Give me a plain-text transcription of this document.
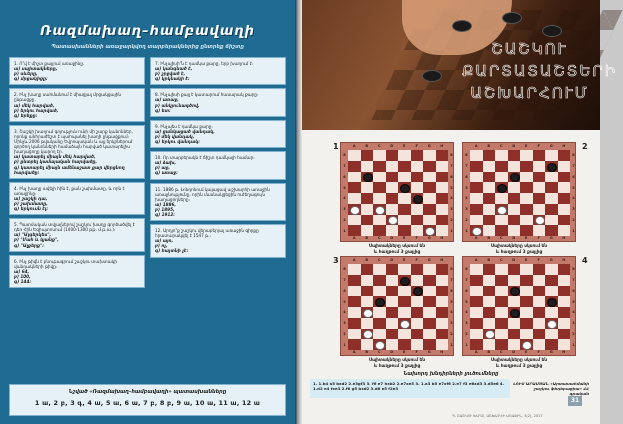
Ռազմախաղ–համբավաղի
Պատասխանների առաջարկվող տարբերակներից ընտրեք ճիշտը
1. Ո՞վ է միշտ քայլում առաջինը․
ա) սպիտակները,
բ) սևերը,
գ) մրցակիցը։
2. Ինչ խաղը սահմանում է միացյալ մրցակցային ընթացքը․
ա) մեկ հարված,
բ) երկու հարված,
գ) երեքը։
3. Շաշկի խաղում գոյություն ունի մի շարք կանոններ, որոնք անհրաժեշտ է պահպանել խաղի ընթացքում։ Մինչև 2006 թվականը Եվրոպական և այլ երկրներում գործող կանոնների համաձայն հարված կատարելիս խաղացողը կարող էր․
ա) կատարել միայն մեկ հարված,
բ) ընտրել կամայական հարվածը,
գ) կատարել միայն ամենաշատ քար վերցնող հարվածը։
4. Ինչ խաղը ավելի հին է, քան շախմատը, և որն է առաջինը։
ա) շաշկի դա,
բ) շախմատը,
գ) երկուսն էլ։
5. Պատմական տվյալներով շաշկու խաղը գործածվել է դեռ Հին Եգիպտոսում (1400-1300 թթ․ մ․թ․ա․)։
ա) "Ալգերկես",
բ) "Մահ և կյանք",
գ) "Ալքերք"։
6. Ինչ թիվն է բնութագրում շաշկու տախտակի վանդակների թիվը։
ա) 64,
բ) 100,
գ) 144։
7. Ինչպիսի՞ն է դամկա քարը, երբ խաղում է։
ա) կանգնած է,
բ) շրջված է,
գ) կրկնակի է։
8. Ինչպիսի քայլ է կատարում հասարակ քարը։
ա) առաջ,
բ) անկյունագծով,
գ) ետ։
9. Ինչպես է դամկա քարը։
ա) ցանկացած վանդակ,
բ) մեկ վանդակ,
գ) երկու վանդակ։
10. Որ տարբերակն է ճիշտ դամկայի համար։
ա) ձախ,
բ) աջ,
գ) առաջ։
11. 1886 թ․ Լոնդոնում կայացավ աշխարհի առաջին առաջնությունը, որին մասնակցեցին ուժեղագույն խաղացողները։
ա) 1886,
բ) 1895,
գ) 1912։
12. Արդյո՞ք շաշկու վերաբերյալ առաջին գիրքը հրատարակվել է 1547 թ․։
ա) այո,
բ) ոչ,
գ) հայտնի չէ։
Նշված «Ռազմախաղ–համբավաղի» պատասխանները
1 ա, 2 բ, 3 գ, 4 ա, 5 ա, 6 ա, 7 բ, 8 բ, 9 ա, 10 ա, 11 ա, 12 ա
ՇԱՇԿՈՒ ՔԱՐՏԱՏԱՇՏԵՐԻ ԱՇԽԱՐՀՈՒՄ
A	B	C	D	E	F	G	H
A	B	C	D	E	F	G	H
8
7
6
5
4
3
2
1
8
7
6
5
4
3
2
1
Սպիտակները սկսում են
և հաղթում 3 քայլից
A	B	C	D	E	F	G	H
A	B	C	D	E	F	G	H
8
7
6
5
4
3
2
1
8
7
6
5
4
3
2
1
Սպիտակները սկսում են
և հաղթում 3 քայլից
A	B	C	D	E	F	G	H
A	B	C	D	E	F	G	H
8
7
6
5
4
3
2
1
8
7
6
5
4
3
2
1
Սպիտակները սկսում են
և հաղթում 3 քայլից
A	B	C	D	E	F	G	H
A	B	C	D	E	F	G	H
8
7
6
5
4
3
2
1
8
7
6
5
4
3
2
1
Սպիտակները սկսում են
և հաղթում 3 քայլից
1	2
3	4
Նախորդ խնդիրների լուծումները
1. 1.b4 a5 bxd2 2.e3gf3 3. f6 e7 hxb2 2.e7xe5 3. 1.a3 b5 e7xf6 2.e7 f3 e6xd3 3.d5e6 4. 1.d2 e4 fxe3 2.f6 g5 bxd2 3.d6 e5 f2e3
ԼՈՒՍ ԱՐԱՄՅԱՆ «Արտասահմանի շաշկու ֆեդերացիա» ՀՀ գրական
Պ. ՇԱՇԿՈՒ ԽԱՂԸ, ԱՇԽԱՐՀԻ ԱՌԱՋԻՆ, 3(2), 2017
31
